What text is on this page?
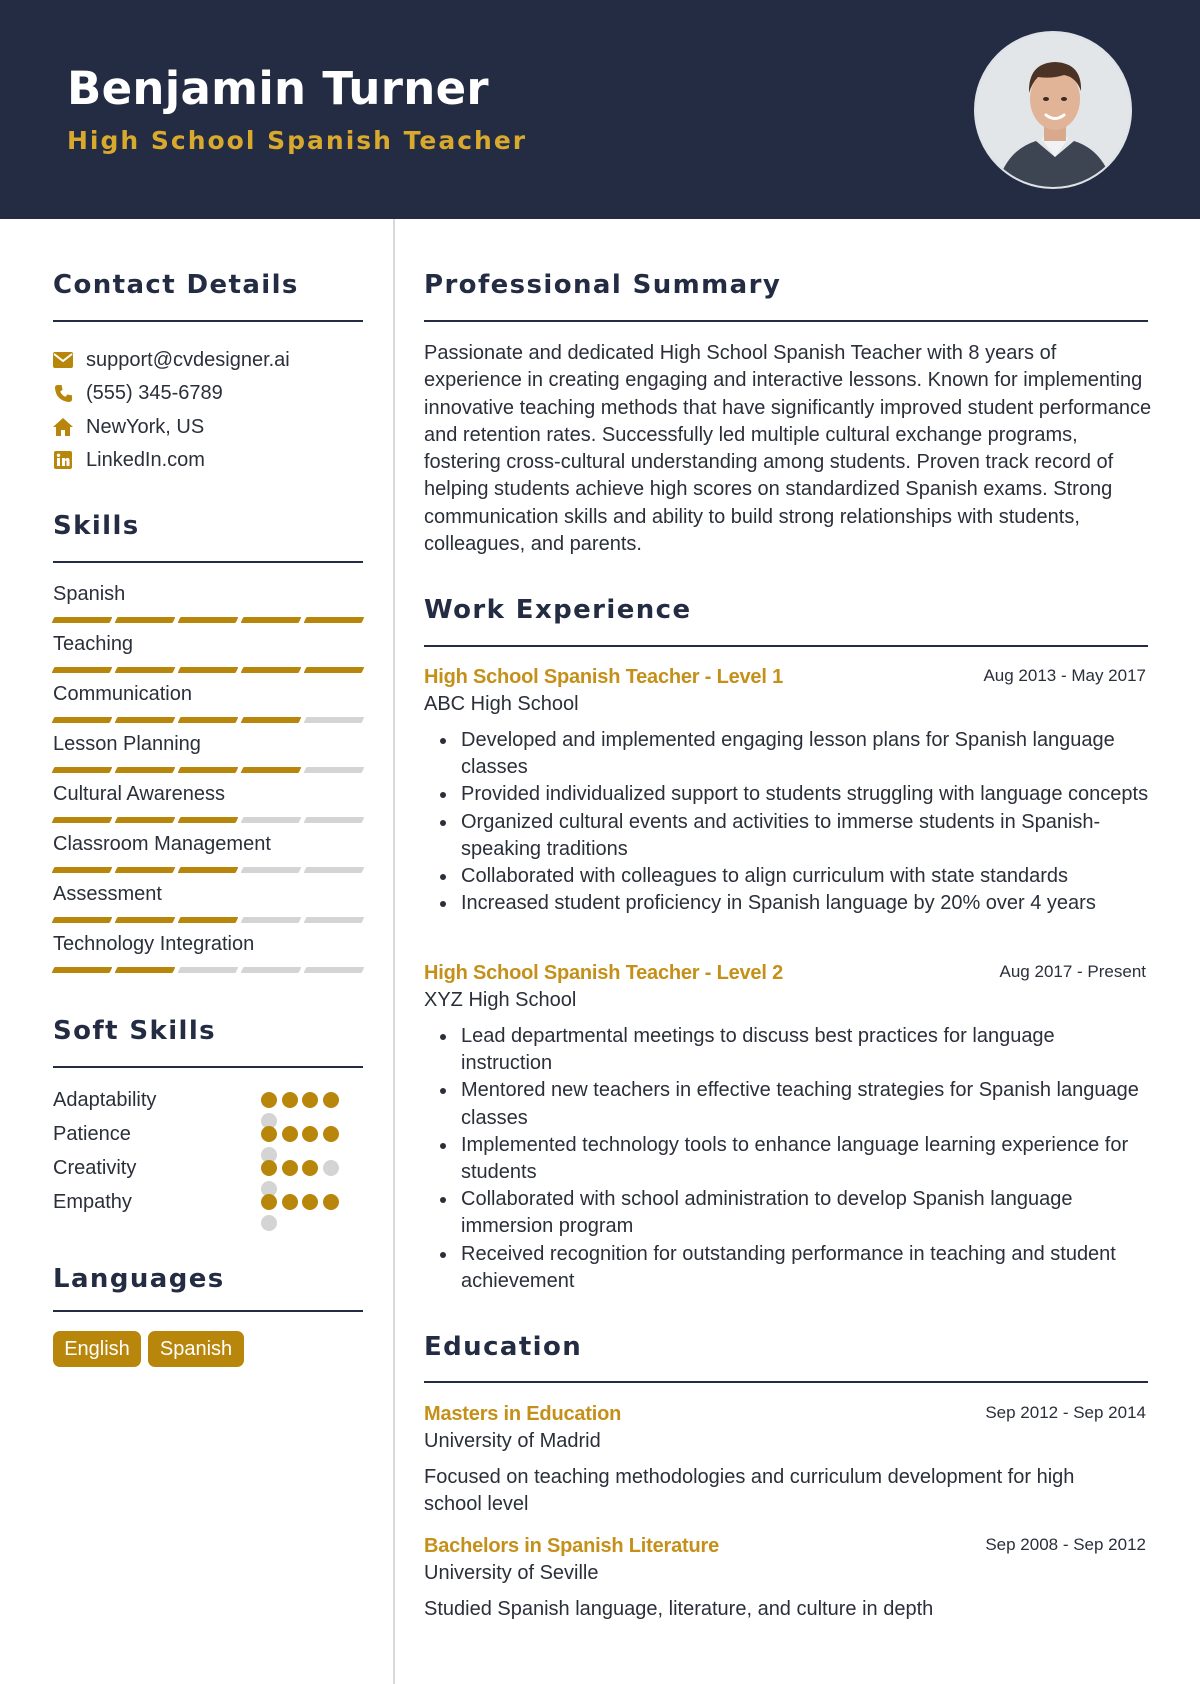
Benjamin Turner
High School Spanish Teacher
Contact Details
support@cvdesigner.ai
(555) 345-6789
NewYork, US
LinkedIn.com
Skills
Spanish
Teaching
Communication
Lesson Planning
Cultural Awareness
Classroom Management
Assessment
Technology Integration
Soft Skills
Adaptability
Patience
Creativity
Empathy
Languages
English	Spanish
Professional Summary
Passionate and dedicated High School Spanish Teacher with 8 years of experience in creating engaging and interactive lessons. Known for implementing innovative teaching methods that have significantly improved student performance and retention rates. Successfully led multiple cultural exchange programs, fostering cross-cultural understanding among students. Proven track record of helping students achieve high scores on standardized Spanish exams. Strong communication skills and ability to build strong relationships with students, colleagues, and parents.
Work Experience
High School Spanish Teacher - Level 1	Aug 2013 - May 2017
ABC High School
Developed and implemented engaging lesson plans for Spanish language classes
Provided individualized support to students struggling with language concepts
Organized cultural events and activities to immerse students in Spanish-speaking traditions
Collaborated with colleagues to align curriculum with state standards
Increased student proficiency in Spanish language by 20% over 4 years
High School Spanish Teacher - Level 2	Aug 2017 - Present
XYZ High School
Lead departmental meetings to discuss best practices for language instruction
Mentored new teachers in effective teaching strategies for Spanish language classes
Implemented technology tools to enhance language learning experience for students
Collaborated with school administration to develop Spanish language immersion program
Received recognition for outstanding performance in teaching and student achievement
Education
Masters in Education	Sep 2012 - Sep 2014
University of Madrid
Focused on teaching methodologies and curriculum development for high school level
Bachelors in Spanish Literature	Sep 2008 - Sep 2012
University of Seville
Studied Spanish language, literature, and culture in depth
